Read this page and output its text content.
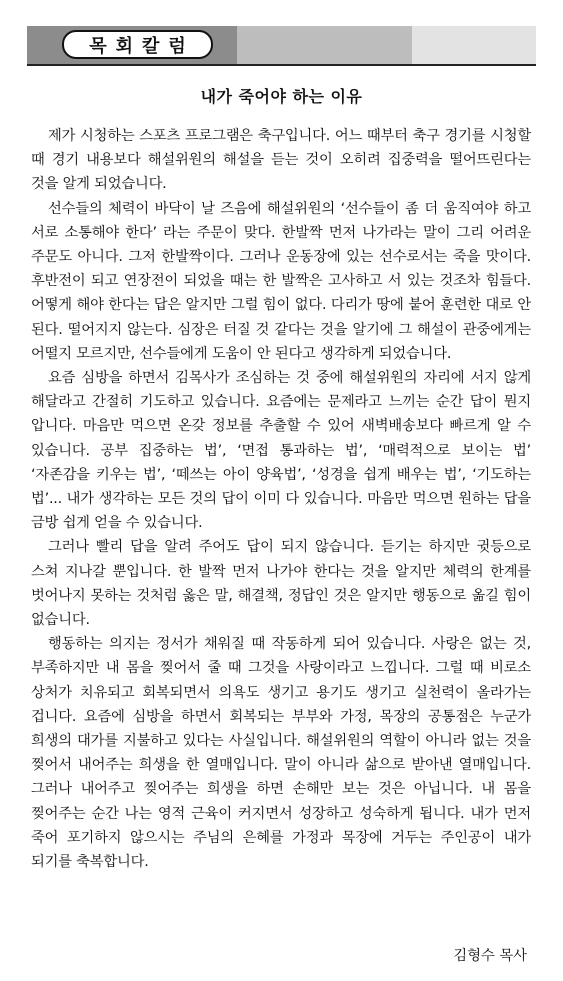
목회칼럼
내가 죽어야 하는 이유

제가 시청하는 스포츠 프로그램은 축구입니다. 어느 때부터 축구 경기를 시청할 때 경기 내용보다 해설위원의 해설을 듣는 것이 오히려 집중력을 떨어뜨린다는 것을 알게 되었습니다.

선수들의 체력이 바닥이 날 즈음에 해설위원의 ‘선수들이 좀 더 움직여야 하고 서로 소통해야 한다’ 라는 주문이 맞다. 한발짝 먼저 나가라는 말이 그리 어려운 주문도 아니다. 그저 한발짝이다. 그러나 운동장에 있는 선수로서는 죽을 맛이다. 후반전이 되고 연장전이 되었을 때는 한 발짝은 고사하고 서 있는 것조차 힘들다. 어떻게 해야 한다는 답은 알지만 그럴 힘이 없다. 다리가 땅에 붙어 훈련한 대로 안 된다. 떨어지지 않는다. 심장은 터질 것 같다는 것을 알기에 그 해설이 관중에게는 어떨지 모르지만, 선수들에게 도움이 안 된다고 생각하게 되었습니다.

요즘 심방을 하면서 김목사가 조심하는 것 중에 해설위원의 자리에 서지 않게 해달라고 간절히 기도하고 있습니다. 요즘에는 문제라고 느끼는 순간 답이 뭔지 압니다. 마음만 먹으면 온갖 정보를 추출할 수 있어 새벽배송보다 빠르게 알 수 있습니다. 공부 집중하는 법’, ‘면접 통과하는 법’, ‘매력적으로 보이는 법’ ‘자존감을 키우는 법’, ‘떼쓰는 아이 양육법’, ‘성경을 쉽게 배우는 법’, ‘기도하는 법’... 내가 생각하는 모든 것의 답이 이미 다 있습니다. 마음만 먹으면 원하는 답을 금방 쉽게 얻을 수 있습니다.

그러나 빨리 답을 알려 주어도 답이 되지 않습니다. 듣기는 하지만 귓등으로 스쳐 지나갈 뿐입니다. 한 발짝 먼저 나가야 한다는 것을 알지만 체력의 한계를 벗어나지 못하는 것처럼 옳은 말, 해결책, 정답인 것은 알지만 행동으로 옮길 힘이 없습니다.

행동하는 의지는 정서가 채워질 때 작동하게 되어 있습니다. 사랑은 없는 것, 부족하지만 내 몸을 찢어서 줄 때 그것을 사랑이라고 느낍니다. 그럴 때 비로소 상처가 치유되고 회복되면서 의욕도 생기고 용기도 생기고 실천력이 올라가는 겁니다. 요즘에 심방을 하면서 회복되는 부부와 가정, 목장의 공통점은 누군가 희생의 대가를 지불하고 있다는 사실입니다. 해설위원의 역할이 아니라 없는 것을 찢어서 내어주는 희생을 한 열매입니다. 말이 아니라 삶으로 받아낸 열매입니다. 그러나 내어주고 찢어주는 희생을 하면 손해만 보는 것은 아닙니다. 내 몸을 찢어주는 순간 나는 영적 근육이 커지면서 성장하고 성숙하게 됩니다. 내가 먼저 죽어 포기하지 않으시는 주님의 은혜를 가정과 목장에 거두는 주인공이 내가 되기를 축복합니다.

김형수 목사
